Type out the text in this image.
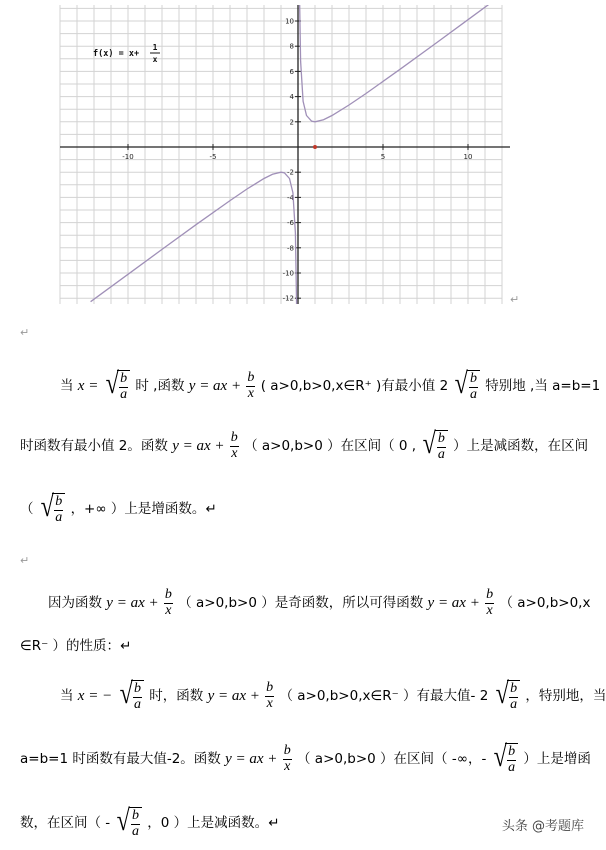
-10	-5	5	10
10
8
6
4
2
-2
-4
-6
-8
-10
-12
f(x) = x+
1
x
↵
↵
↵
当 x = √ $\frac{b}{a}$ 时 ,函数 y = ax + $\frac{b}{x}$ ( a>0,b>0,x∈R⁺ )有最小值 2 √ $\frac{b}{a}$ 特别地 ,当 a=b=1
时函数有最小值 2。函数 y = ax + $\frac{b}{x}$ （ a>0,b>0 ）在区间（ 0 , √ $\frac{b}{a}$ ）上是减函数，在区间
（ √ $\frac{b}{a}$ ，+∞ ）上是增函数。↵
因为函数 y = ax + $\frac{b}{x}$ （ a>0,b>0 ）是奇函数，所以可得函数 y = ax + $\frac{b}{x}$ （ a>0,b>0,x
∈R⁻ ）的性质：↵
当 x = − √ $\frac{b}{a}$ 时，函数 y = ax + $\frac{b}{x}$ （ a>0,b>0,x∈R⁻ ）有最大值- 2 √ $\frac{b}{a}$ ，特别地，当
a=b=1 时函数有最大值-2。函数 y = ax + $\frac{b}{x}$ （ a>0,b>0 ）在区间（ -∞，- √ $\frac{b}{a}$ ）上是增函
数，在区间（ - √ $\frac{b}{a}$ ，0 ）上是减函数。↵	头条 @考题库
